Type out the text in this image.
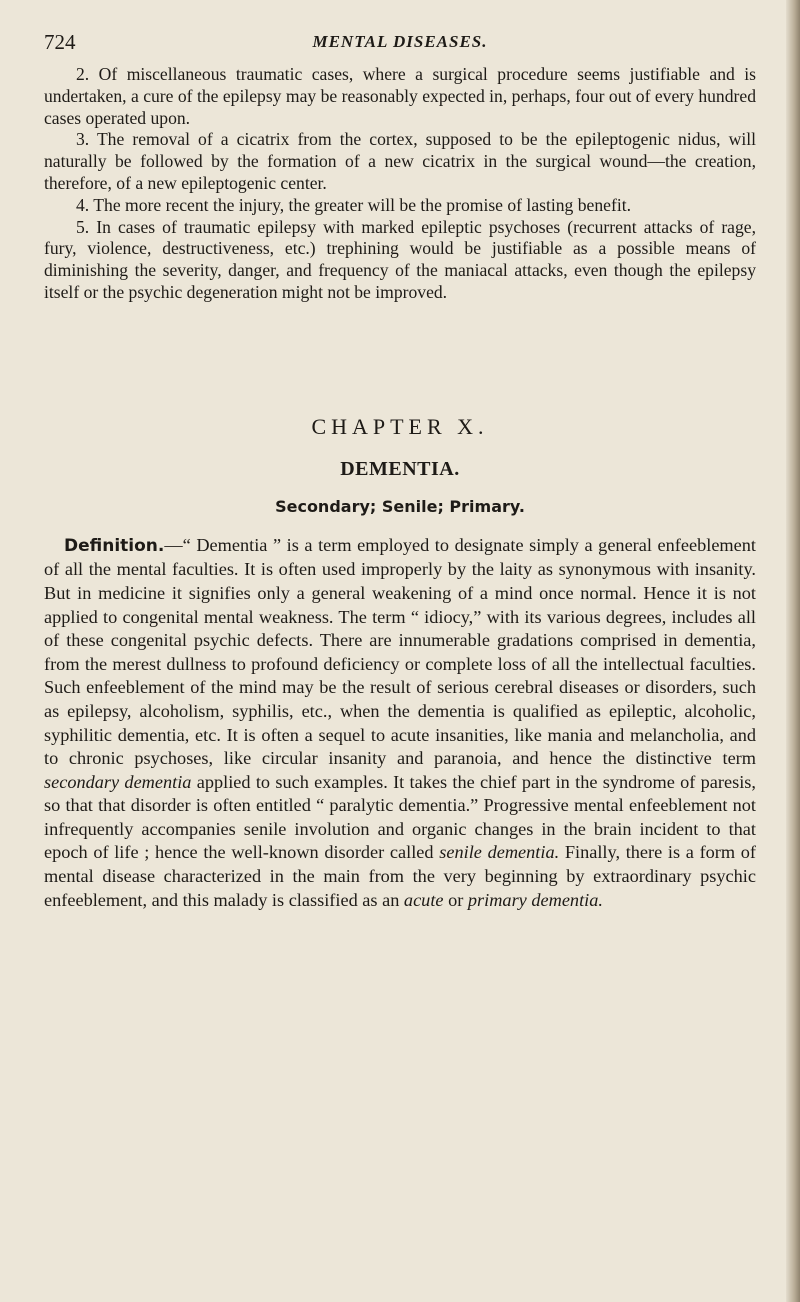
724	MENTAL DISEASES.

2. Of miscellaneous traumatic cases, where a surgical procedure seems justifiable and is undertaken, a cure of the epilepsy may be reasonably expected in, perhaps, four out of every hundred cases operated upon.

3. The removal of a cicatrix from the cortex, supposed to be the epileptogenic nidus, will naturally be followed by the formation of a new cicatrix in the surgical wound—the creation, therefore, of a new epileptogenic center.

4. The more recent the injury, the greater will be the promise of lasting benefit.

5. In cases of traumatic epilepsy with marked epileptic psychoses (recurrent attacks of rage, fury, violence, destructiveness, etc.) trephining would be justifiable as a possible means of diminishing the severity, danger, and frequency of the maniacal attacks, even though the epilepsy itself or the psychic degeneration might not be improved.

CHAPTER X.
DEMENTIA.
Secondary; Senile; Primary.

Definition.—“ Dementia ” is a term employed to designate simply a general enfeeblement of all the mental faculties. It is often used improperly by the laity as synonymous with insanity. But in medicine it signifies only a general weakening of a mind once normal. Hence it is not applied to congenital mental weakness. The term “ idiocy,” with its various degrees, includes all of these congenital psychic defects. There are innumerable gradations comprised in dementia, from the merest dullness to profound deficiency or complete loss of all the intellectual faculties. Such enfeeblement of the mind may be the result of serious cerebral diseases or disorders, such as epilepsy, alcoholism, syphilis, etc., when the dementia is qualified as epileptic, alcoholic, syphilitic dementia, etc. It is often a sequel to acute insanities, like mania and melancholia, and to chronic psychoses, like circular insanity and paranoia, and hence the distinctive term secondary dementia applied to such examples. It takes the chief part in the syndrome of paresis, so that that disorder is often entitled “ paralytic dementia.” Progressive mental enfeeblement not infrequently accompanies senile involution and organic changes in the brain incident to that epoch of life ; hence the well-known disorder called senile dementia. Finally, there is a form of mental disease characterized in the main from the very beginning by extraordinary psychic enfeeblement, and this malady is classified as an acute or primary dementia.
